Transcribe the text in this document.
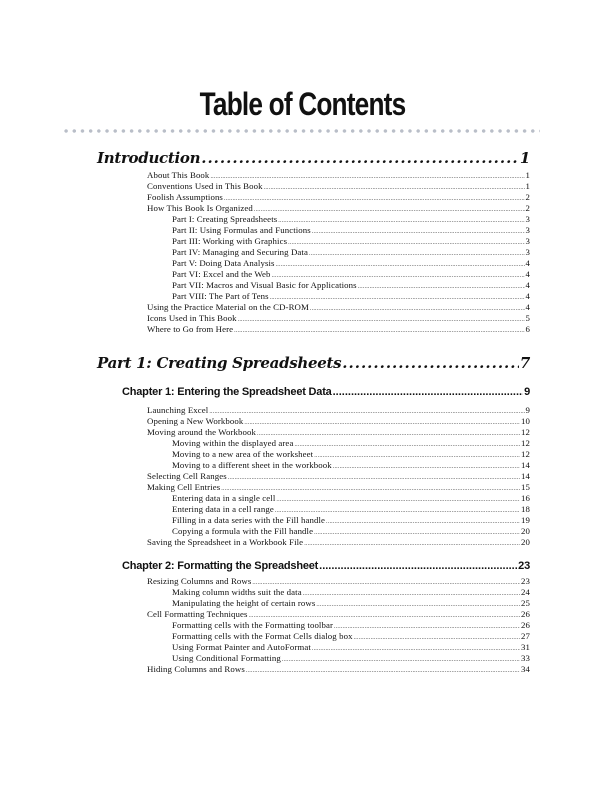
Table of Contents
Introduction .....	1
About This Book .....	1
Conventions Used in This Book .....	1
Foolish Assumptions .....	2
How This Book Is Organized .....	2
Part I: Creating Spreadsheets .....	3
Part II: Using Formulas and Functions .....	3
Part III: Working with Graphics .....	3
Part IV: Managing and Securing Data .....	3
Part V: Doing Data Analysis .....	4
Part VI: Excel and the Web .....	4
Part VII: Macros and Visual Basic for Applications .....	4
Part VIII: The Part of Tens .....	4
Using the Practice Material on the CD-ROM .....	4
Icons Used in This Book .....	5
Where to Go from Here .....	6
Part 1: Creating Spreadsheets .....	7
Chapter 1: Entering the Spreadsheet Data .....	9
Launching Excel .....	9
Opening a New Workbook .....	10
Moving around the Workbook .....	12
Moving within the displayed area .....	12
Moving to a new area of the worksheet .....	12
Moving to a different sheet in the workbook .....	14
Selecting Cell Ranges .....	14
Making Cell Entries .....	15
Entering data in a single cell .....	16
Entering data in a cell range .....	18
Filling in a data series with the Fill handle .....	19
Copying a formula with the Fill handle .....	20
Saving the Spreadsheet in a Workbook File .....	20
Chapter 2: Formatting the Spreadsheet .....	23
Resizing Columns and Rows .....	23
Making column widths suit the data .....	24
Manipulating the height of certain rows .....	25
Cell Formatting Techniques .....	26
Formatting cells with the Formatting toolbar .....	26
Formatting cells with the Format Cells dialog box .....	27
Using Format Painter and AutoFormat .....	31
Using Conditional Formatting .....	33
Hiding Columns and Rows .....	34
